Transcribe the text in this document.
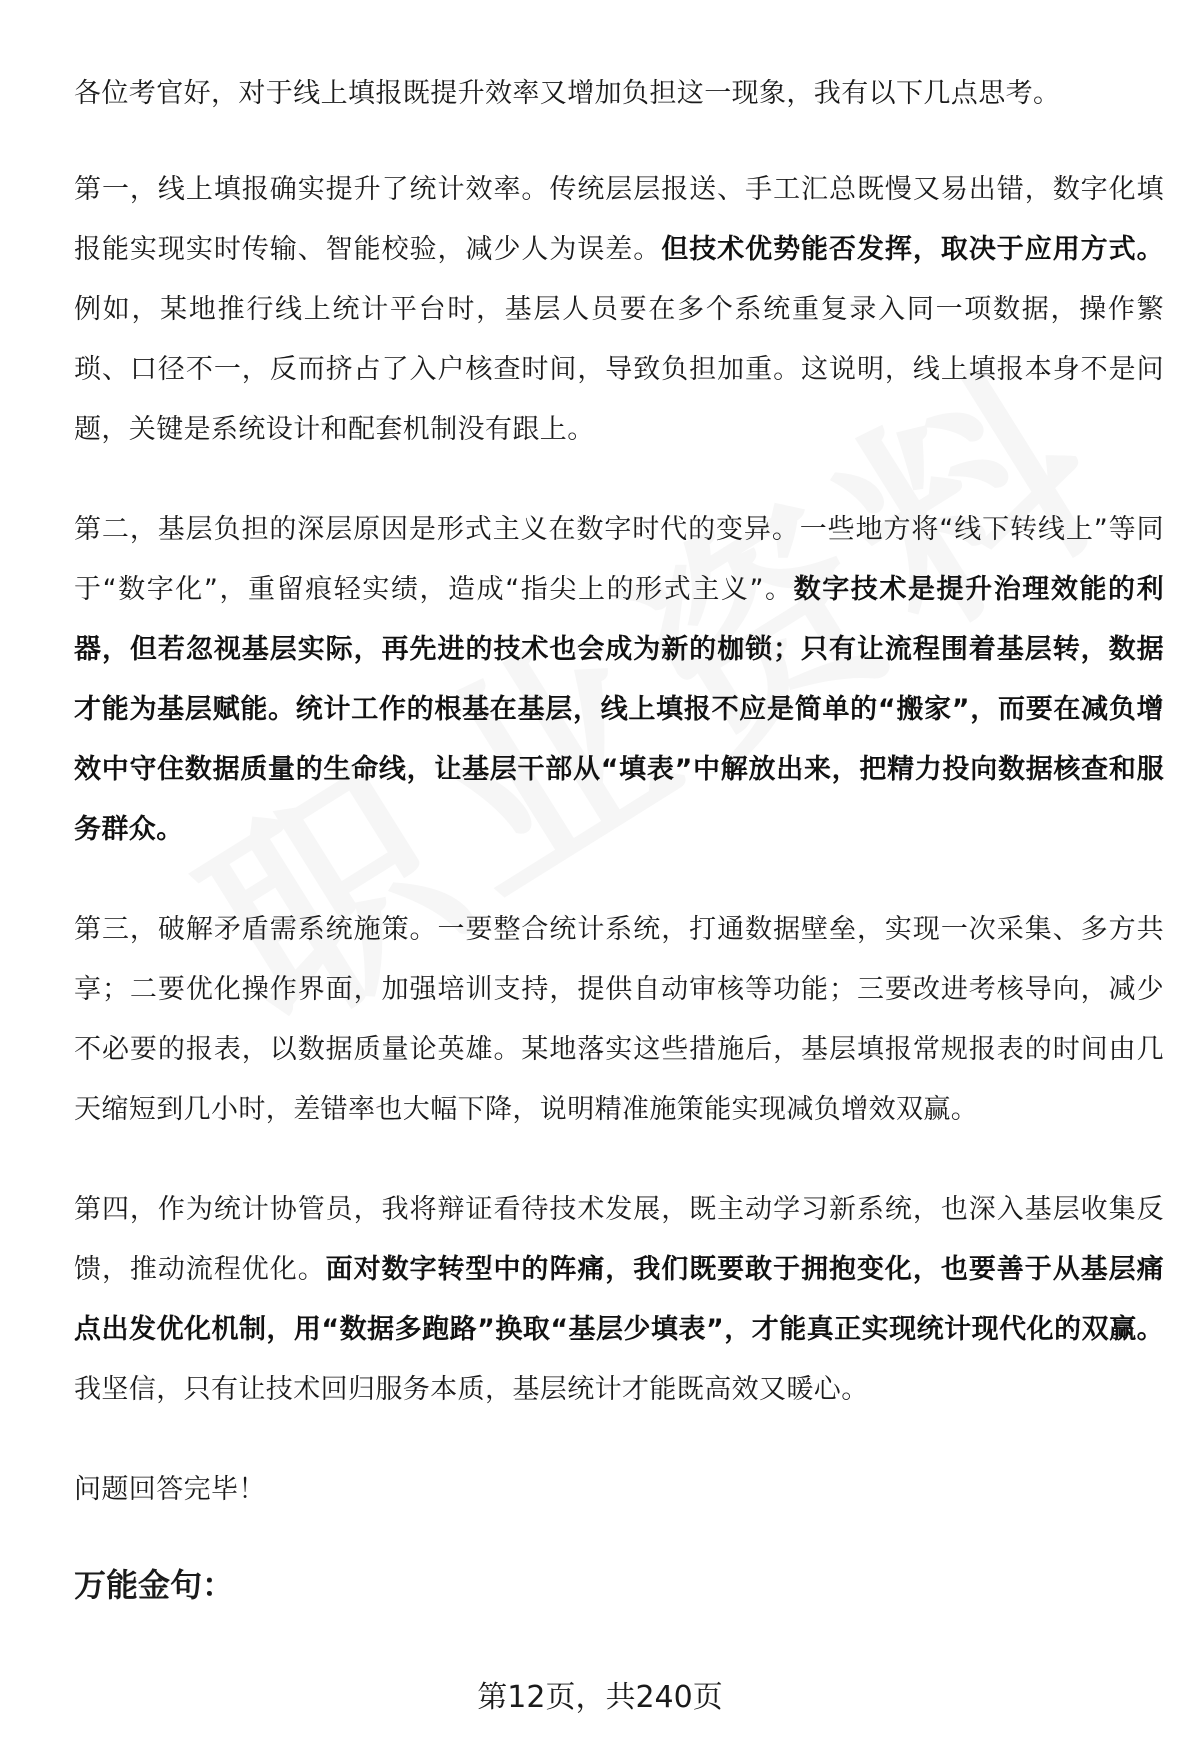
各位考官好，对于线上填报既提升效率又增加负担这一现象，我有以下几点思考。

第一，线上填报确实提升了统计效率。传统层层报送、手工汇总既慢又易出错，数字化填报能实现实时传输、智能校验，减少人为误差。但技术优势能否发挥，取决于应用方式。 例如，某地推行线上统计平台时，基层人员要在多个系统重复录入同一项数据，操作繁琐、口径不一，反而挤占了入户核查时间，导致负担加重。这说明，线上填报本身不是问题，关键是系统设计和配套机制没有跟上。

第二，基层负担的深层原因是形式主义在数字时代的变异。一些地方将“线下转线上”等同于“数字化”，重留痕轻实绩，造成“指尖上的形式主义”。数字技术是提升治理效能的利器，但若忽视基层实际，再先进的技术也会成为新的枷锁；只有让流程围着基层转，数据才能为基层赋能。统计工作的根基在基层，线上填报不应是简单的“搬家”，而要在减负增效中守住数据质量的生命线，让基层干部从“填表”中解放出来，把精力投向数据核查和服务群众。

第三，破解矛盾需系统施策。一要整合统计系统，打通数据壁垒，实现一次采集、多方共享；二要优化操作界面，加强培训支持，提供自动审核等功能；三要改进考核导向，减少不必要的报表，以数据质量论英雄。某地落实这些措施后，基层填报常规报表的时间由几天缩短到几小时，差错率也大幅下降，说明精准施策能实现减负增效双赢。

第四，作为统计协管员，我将辩证看待技术发展，既主动学习新系统，也深入基层收集反馈，推动流程优化。面对数字转型中的阵痛，我们既要敢于拥抱变化，也要善于从基层痛点出发优化机制，用“数据多跑路”换取“基层少填表”，才能真正实现统计现代化的双赢。 我坚信，只有让技术回归服务本质，基层统计才能既高效又暖心。

问题回答完毕！

万能金句：
第12页，共240页
